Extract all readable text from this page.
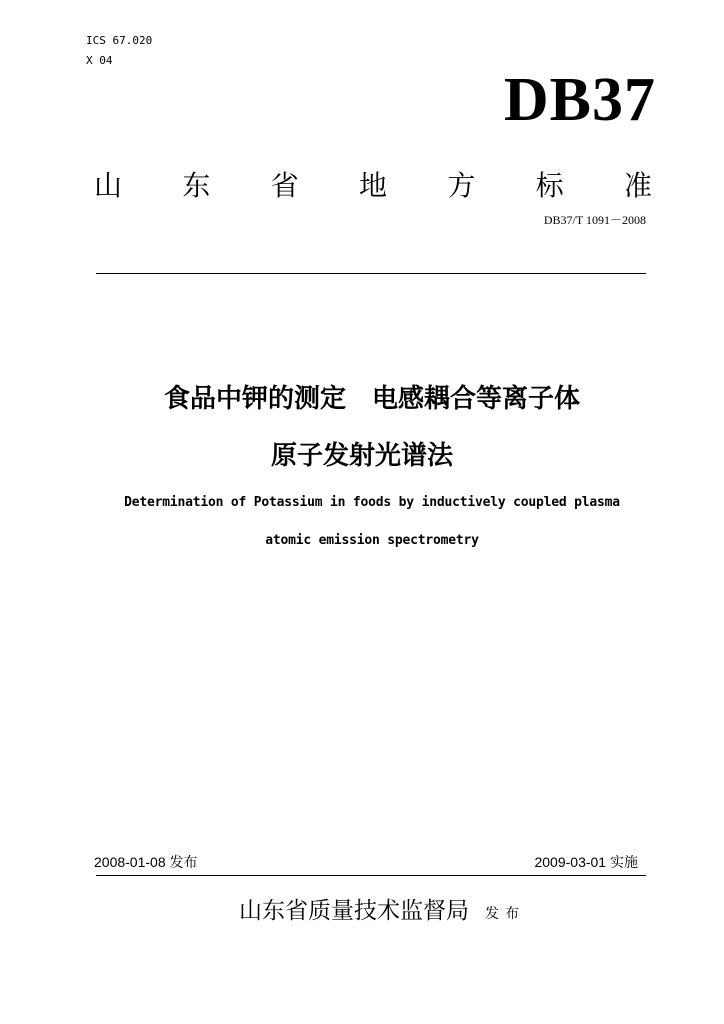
ICS 67.020
X 04
DB37
山 东 省 地 方 标 准
DB37/T 1091－2008
食品中钾的测定　电感耦合等离子体
原子发射光谱法
Determination of Potassium in foods by inductively coupled plasma
atomic emission spectrometry
2008-01-08 发布	2009-03-01 实施
山东省质量技术监督局 发布
